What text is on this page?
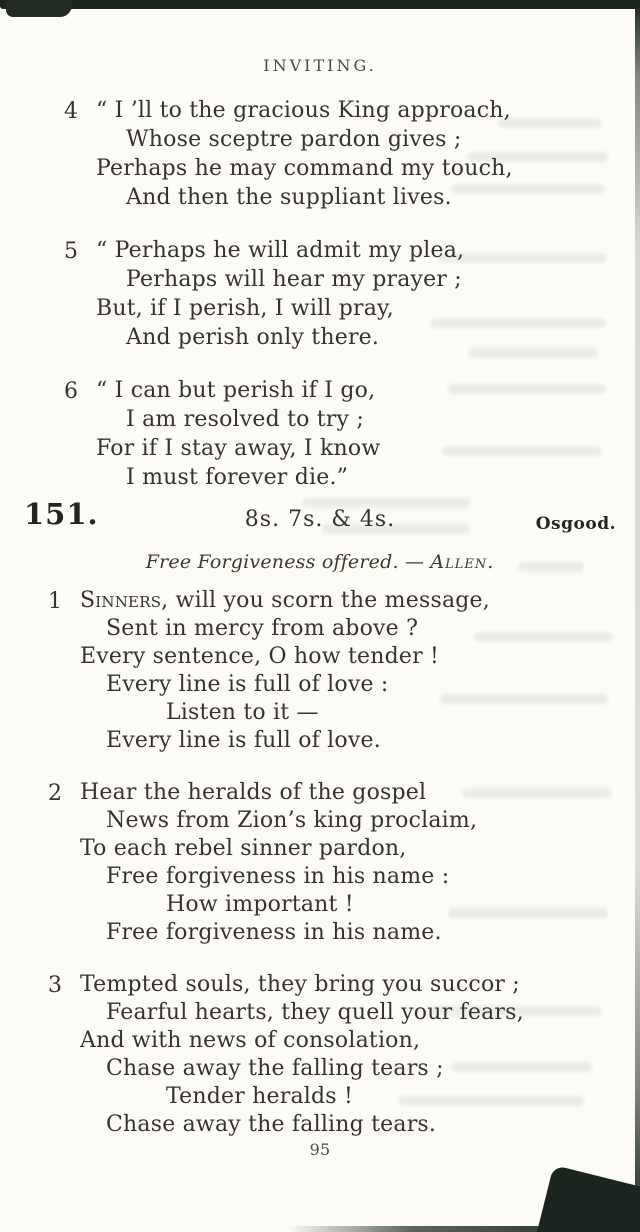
INVITING.
4 “ I ’ll to the gracious King approach,
Whose sceptre pardon gives ;
Perhaps he may command my touch,
And then the suppliant lives.
5 “ Perhaps he will admit my plea,
Perhaps will hear my prayer ;
But, if I perish, I will pray,
And perish only there.
6 “ I can but perish if I go,
I am resolved to try ;
For if I stay away, I know
I must forever die.”
151.	8s. 7s. & 4s.	Osgood.
Free Forgiveness offered. — Allen.
1 Sinners, will you scorn the message,
Sent in mercy from above ?
Every sentence, O how tender !
Every line is full of love :
Listen to it —
Every line is full of love.
2 Hear the heralds of the gospel
News from Zion’s king proclaim,
To each rebel sinner pardon,
Free forgiveness in his name :
How important !
Free forgiveness in his name.
3 Tempted souls, they bring you succor ;
Fearful hearts, they quell your fears,
And with news of consolation,
Chase away the falling tears ;
Tender heralds !
Chase away the falling tears.
95
